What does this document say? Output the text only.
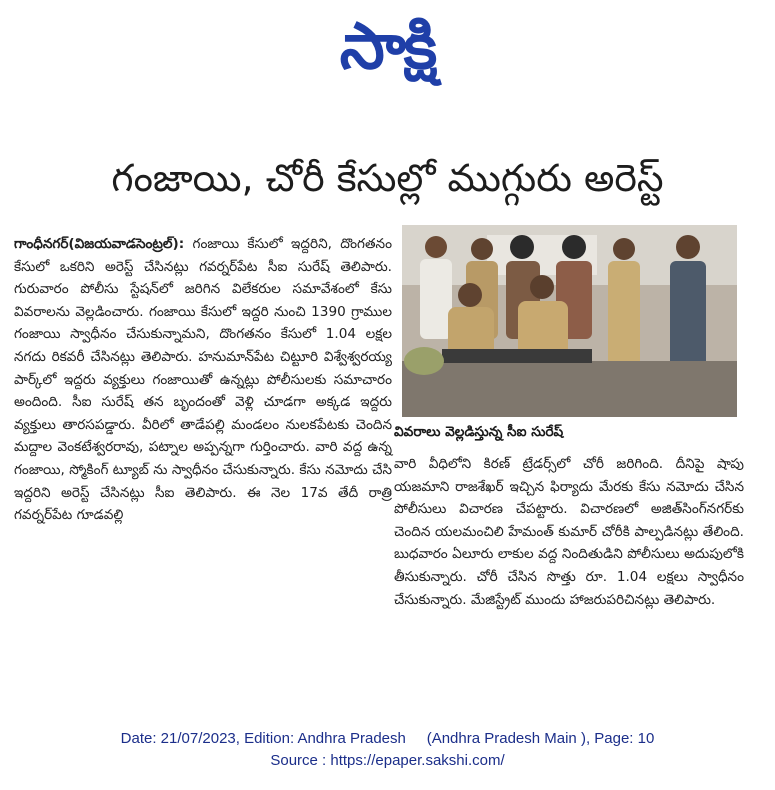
సాక్షి
గంజాయి, చోరీ కేసుల్లో ముగ్గురు అరెస్ట్

గాంధీనగర్(విజయవాడసెంట్రల్): గంజాయి కేసులో ఇద్దరిని, దొంగతనం కేసులో ఒకరిని అరెస్ట్ చేసినట్లు గవర్నర్‌పేట సీఐ సురేష్ తెలిపారు. గురువారం పోలీసు స్టేషన్‌లో జరిగిన విలేకరుల సమావేశంలో కేసు వివరాలను వెల్లడించారు. గంజాయి కేసులో ఇద్దరి నుంచి 1390 గ్రాముల గంజాయి స్వాధీనం చేసుకున్నామని, దొంగతనం కేసులో 1.04 లక్షల నగదు రికవరీ చేసినట్లు తెలిపారు. హనుమాన్‌పేట చిట్టూరి విశ్వేశ్వరయ్య పార్క్‌లో ఇద్దరు వ్యక్తులు గంజాయితో ఉన్నట్లు పోలీసులకు సమాచారం అందింది. సీఐ సురేష్ తన బృందంతో వెళ్లి చూడగా అక్కడ ఇద్దరు వ్యక్తులు తారసపడ్డారు. వీరిలో తాడేపల్లి మండలం నులకపేటకు చెందిన మద్దాల వెంకటేశ్వరరావు, పట్నాల అప్పన్నగా గుర్తించారు. వారి వద్ద ఉన్న గంజాయి, స్మోకింగ్ ట్యూబ్ ను స్వాధీనం చేసుకున్నారు. కేసు నమోదు చేసి ఇద్దరిని అరెస్ట్ చేసినట్లు సీఐ తెలిపారు. ఈ నెల 17వ తేదీ రాత్రి గవర్నర్‌పేట గూడవల్లి

వివరాలు వెల్లడిస్తున్న సీఐ సురేష్

వారి వీధిలోని కిరణ్ ట్రేడర్స్‌లో చోరీ జరిగింది. దీనిపై షాపు యజమాని రాజశేఖర్ ఇచ్చిన ఫిర్యాదు మేరకు కేసు నమోదు చేసిన పోలీసులు విచారణ చేపట్టారు. విచారణలో అజిత్‌సింగ్‌నగర్‌కు చెందిన యలమంచిలి హేమంత్ కుమార్ చోరీకి పాల్పడినట్లు తేలింది. బుధవారం ఏలూరు లాకుల వద్ద నిందితుడిని పోలీసులు అదుపులోకి తీసుకున్నారు. చోరీ చేసిన సొత్తు రూ. 1.04 లక్షలు స్వాధీనం చేసుకున్నారు. మేజిస్ట్రేట్ ముందు హాజరుపరిచినట్లు తెలిపారు.

Date: 21/07/2023, Edition: Andhra Pradesh     (Andhra Pradesh Main ), Page: 10
Source : https://epaper.sakshi.com/
